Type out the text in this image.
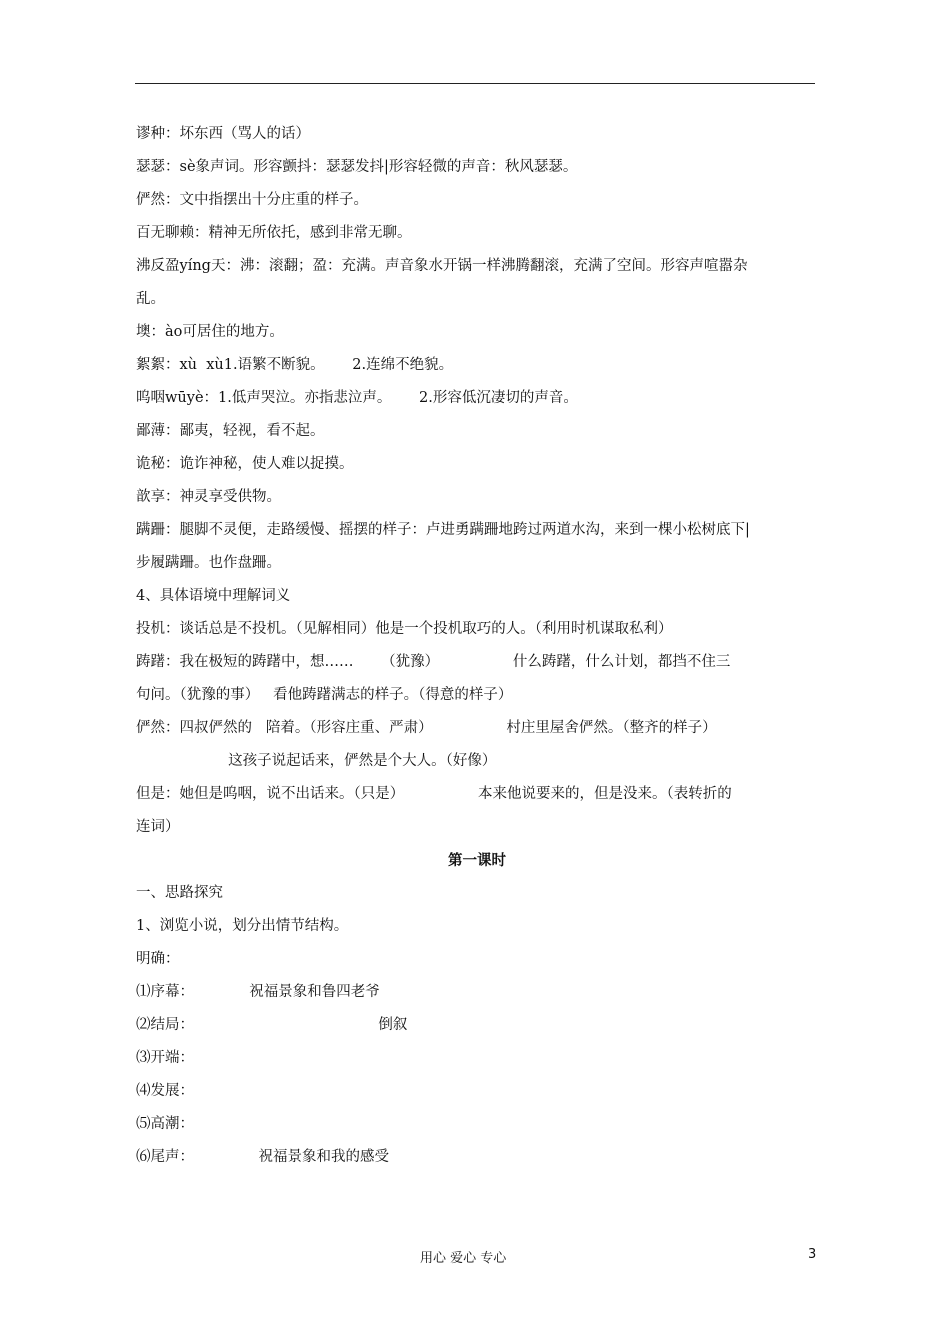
谬种：坏东西（骂人的话）
瑟瑟：sè象声词。形容颤抖：瑟瑟发抖|形容轻微的声音：秋风瑟瑟。
俨然：文中指摆出十分庄重的样子。
百无聊赖：精神无所依托，感到非常无聊。
沸反盈yíng天：沸：滚翻；盈：充满。声音象水开锅一样沸腾翻滚，充满了空间。形容声喧嚣杂
乱。
墺：ào可居住的地方。
絮絮：xù  xù1.语繁不断貌。      2.连绵不绝貌。
呜咽wūyè：1.低声哭泣。亦指悲泣声。      2.形容低沉凄切的声音。
鄙薄：鄙夷，轻视，看不起。
诡秘：诡诈神秘，使人难以捉摸。
歆享：神灵享受供物。
蹒跚：腿脚不灵便，走路缓慢、摇摆的样子：卢进勇蹒跚地跨过两道水沟，来到一棵小松树底下|
步履蹒跚。也作盘跚。
4、具体语境中理解词义
投机：谈话总是不投机。（见解相同）他是一个投机取巧的人。（利用时机谋取私利）
踌躇：我在极短的踌躇中，想……      （犹豫）                什么踌躇，什么计划，都挡不住三
句问。（犹豫的事）   看他踌躇满志的样子。（得意的样子）
俨然：四叔俨然的   陪着。（形容庄重、严肃）                村庄里屋舍俨然。（整齐的样子）
这孩子说起话来，俨然是个大人。（好像）
但是：她但是呜咽，说不出话来。（只是）                本来他说要来的，但是没来。（表转折的
连词）
第一课时
一、思路探究
1、浏览小说，划分出情节结构。
明确：
⑴序幕：            祝福景象和鲁四老爷
⑵结局：                                        倒叙
⑶开端：
⑷发展：
⑸高潮：
⑹尾声：              祝福景象和我的感受
用心 爱心 专心	3
